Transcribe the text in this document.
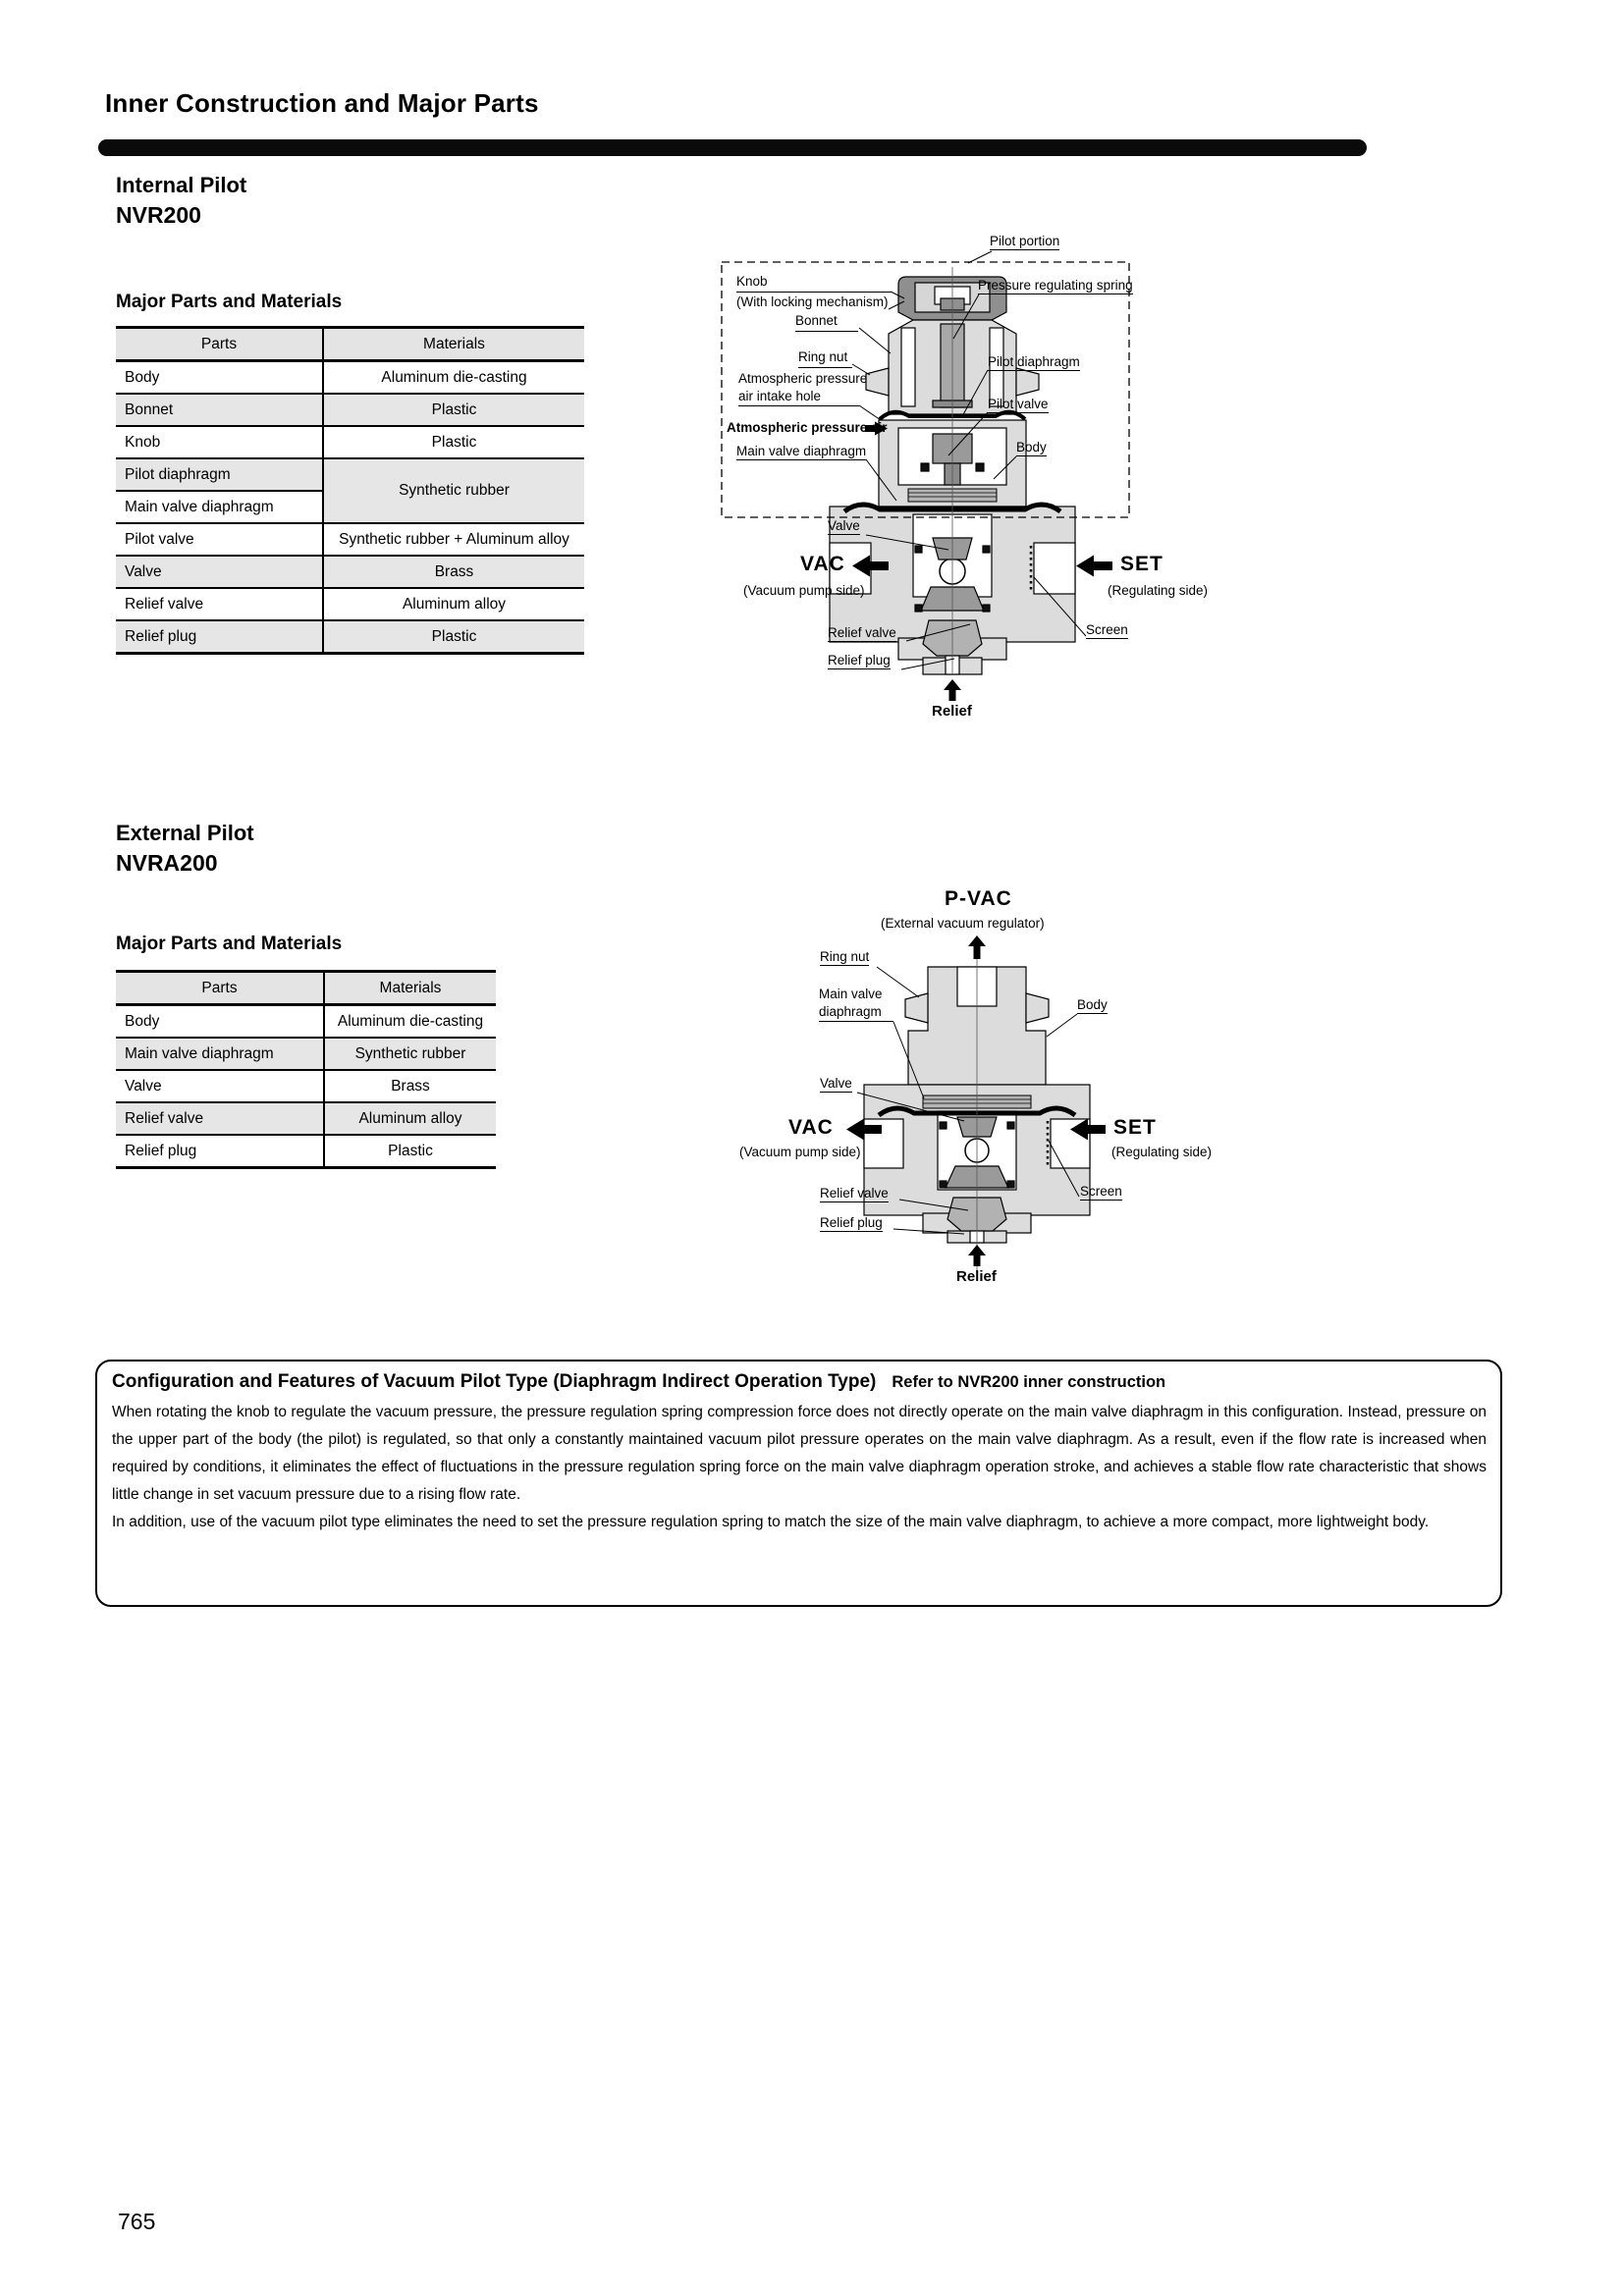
Inner Construction and Major Parts
Internal Pilot
NVR200
Major Parts and Materials
Parts	Materials
Body	Aluminum die-casting
Bonnet	Plastic
Knob	Plastic
Pilot diaphragm	Synthetic rubber
Main valve diaphragm	
Pilot valve	Synthetic rubber + Aluminum alloy
Valve	Brass
Relief valve	Aluminum alloy
Relief plug	Plastic
Pilot portion
Knob
(With locking mechanism)
Bonnet
Ring nut
Atmospheric pressure
air intake hole
Atmospheric pressure air
Main valve diaphragm
Pressure regulating spring
Pilot diaphragm
Pilot valve
Body
Valve
VAC
(Vacuum pump side)
SET
(Regulating side)
Screen
Relief valve
Relief plug
Relief
External Pilot
NVRA200
Major Parts and Materials
Parts	Materials
Body	Aluminum die-casting
Main valve diaphragm	Synthetic rubber
Valve	Brass
Relief valve	Aluminum alloy
Relief plug	Plastic
P-VAC
(External vacuum regulator)
Ring nut
Main valve
diaphragm	Body
Valve
VAC
(Vacuum pump side)
SET
(Regulating side)
Screen
Relief valve
Relief plug
Relief
Configuration and Features of Vacuum Pilot Type (Diaphragm Indirect Operation Type) Refer to NVR200 inner construction

When rotating the knob to regulate the vacuum pressure, the pressure regulation spring compression force does not directly operate on the main valve diaphragm in this configuration. Instead, pressure on the upper part of the body (the pilot) is regulated, so that only a constantly maintained vacuum pilot pressure operates on the main valve diaphragm. As a result, even if the flow rate is increased when required by conditions, it eliminates the effect of fluctuations in the pressure regulation spring force on the main valve diaphragm operation stroke, and achieves a stable flow rate characteristic that shows little change in set vacuum pressure due to a rising flow rate.

In addition, use of the vacuum pilot type eliminates the need to set the pressure regulation spring to match the size of the main valve diaphragm, to achieve a more compact, more lightweight body.

765
